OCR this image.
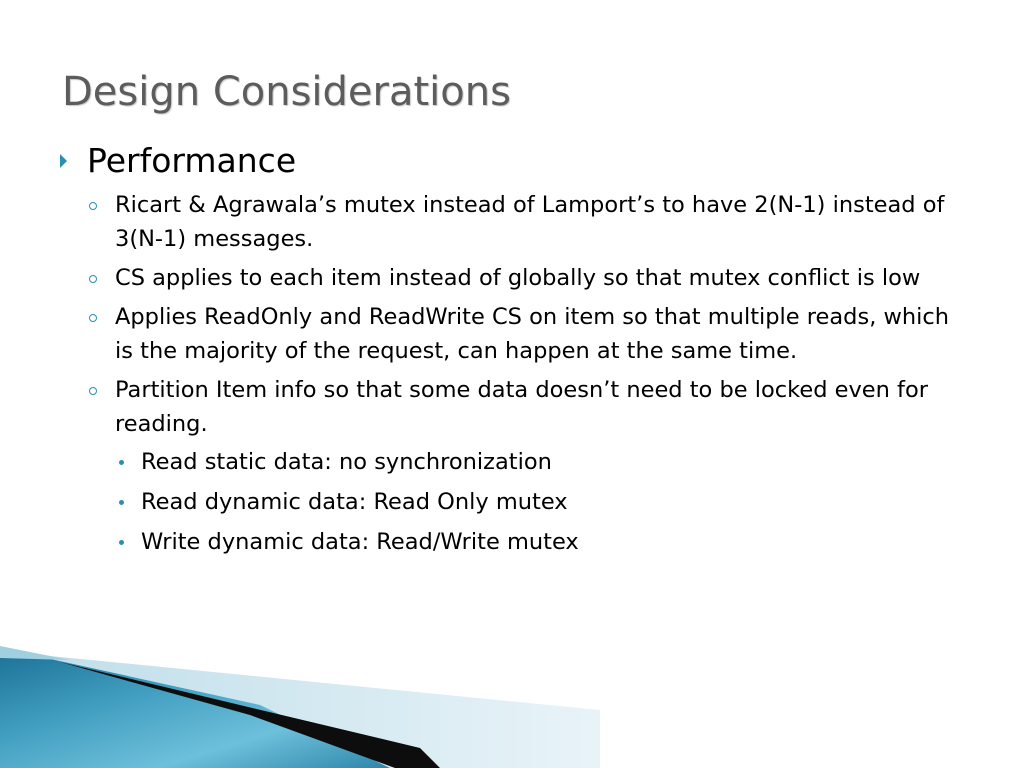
Design Considerations
Performance
Ricart & Agrawala’s mutex instead of Lamport’s to have 2(N-1) instead of 3(N-1) messages.
CS applies to each item instead of globally so that mutex conflict is low
Applies ReadOnly and ReadWrite CS on item so that multiple reads, which is the majority of the request, can happen at the same time.
Partition Item info so that some data doesn’t need to be locked even for reading.
Read static data: no synchronization
Read dynamic data: Read Only mutex
Write dynamic data: Read/Write mutex
